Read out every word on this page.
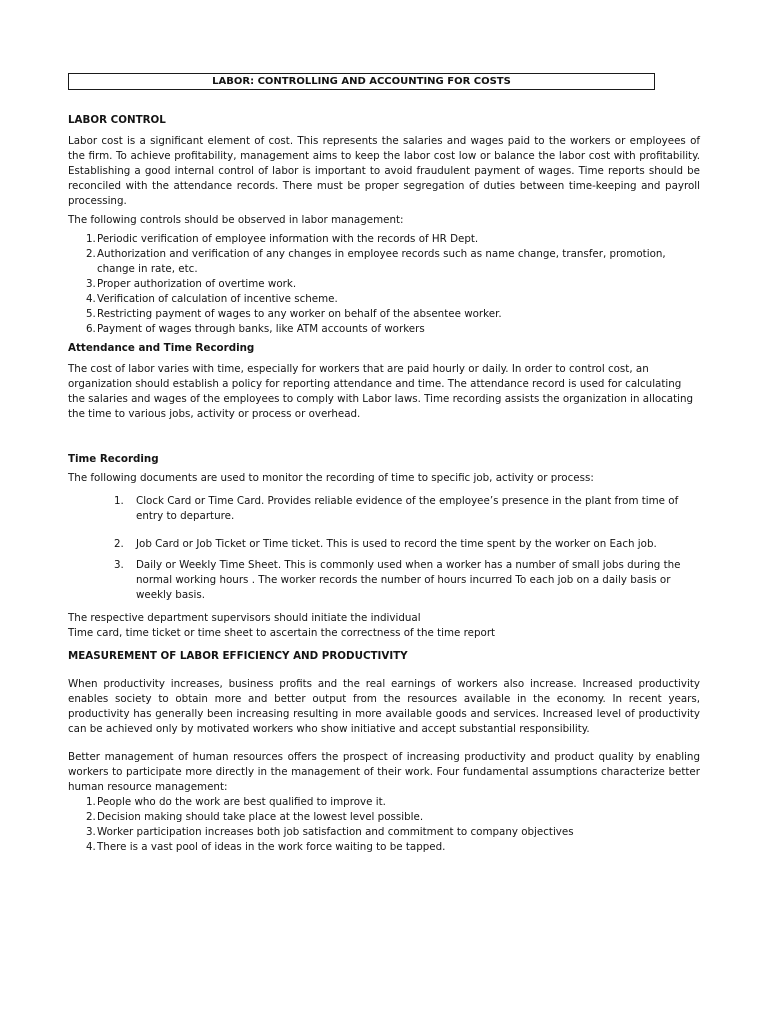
LABOR: CONTROLLING AND ACCOUNTING FOR COSTS
LABOR CONTROL

Labor cost is a significant element of cost. This represents the salaries and wages paid to the workers or employees of the firm. To achieve profitability, management aims to keep the labor cost low or balance the labor cost with profitability. Establishing a good internal control of labor is important to avoid fraudulent payment of wages. Time reports should be reconciled with the attendance records. There must be proper segregation of duties between time-keeping and payroll processing.

The following controls should be observed in labor management:

1. Periodic verification of employee information with the records of HR Dept.
2. Authorization and verification of any changes in employee records such as name change, transfer, promotion, change in rate, etc.
3. Proper authorization of overtime work.
4. Verification of calculation of incentive scheme.
5. Restricting payment of wages to any worker on behalf of the absentee worker.
6. Payment of wages through banks, like ATM accounts of workers
Attendance and Time Recording

The cost of labor varies with time, especially for workers that are paid hourly or daily. In order to control cost, an organization should establish a policy for reporting attendance and time. The attendance record is used for calculating the salaries and wages of the employees to comply with Labor laws. Time recording assists the organization in allocating the time to various jobs, activity or process or overhead.

Time Recording

The following documents are used to monitor the recording of time to specific job, activity or process:

1. Clock Card or Time Card. Provides reliable evidence of the employee’s presence in the plant from time of entry to departure.
2. Job Card or Job Ticket or Time ticket. This is used to record the time spent by the worker on Each job.
3. Daily or Weekly Time Sheet. This is commonly used when a worker has a number of small jobs during the normal working hours . The worker records the number of hours incurred To each job on a daily basis or weekly basis.

The respective department supervisors should initiate the individual

Time card, time ticket or time sheet to ascertain the correctness of the time report

MEASUREMENT OF LABOR EFFICIENCY AND PRODUCTIVITY

When productivity increases, business profits and the real earnings of workers also increase. Increased productivity enables society to obtain more and better output from the resources available in the economy. In recent years, productivity has generally been increasing resulting in more available goods and services. Increased level of productivity can be achieved only by motivated workers who show initiative and accept substantial responsibility.

Better management of human resources offers the prospect of increasing productivity and product quality by enabling workers to participate more directly in the management of their work. Four fundamental assumptions characterize better human resource management:

1. People who do the work are best qualified to improve it.
2. Decision making should take place at the lowest level possible.
3. Worker participation increases both job satisfaction and commitment to company objectives
4. There is a vast pool of ideas in the work force waiting to be tapped.
